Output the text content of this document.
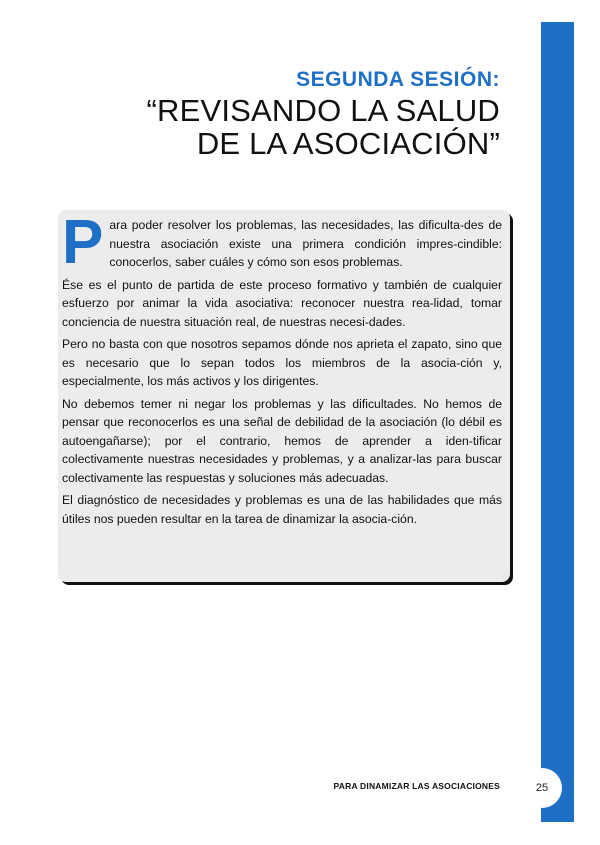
SEGUNDA SESIÓN:
“REVISANDO LA SALUD
DE LA ASOCIACIÓN”

P ara poder resolver los problemas, las necesidades, las dificulta-des de nuestra asociación existe una primera condición impres-cindible: conocerlos, saber cuáles y cómo son esos problemas.

Ése es el punto de partida de este proceso formativo y también de cualquier esfuerzo por animar la vida asociativa: reconocer nuestra rea-lidad, tomar conciencia de nuestra situación real, de nuestras necesi-dades.

Pero no basta con que nosotros sepamos dónde nos aprieta el zapato, sino que es necesario que lo sepan todos los miembros de la asocia-ción y, especialmente, los más activos y los dirigentes.

No debemos temer ni negar los problemas y las dificultades. No hemos de pensar que reconocerlos es una señal de debilidad de la asociación (lo débil es autoengañarse); por el contrario, hemos de aprender a iden-tificar colectivamente nuestras necesidades y problemas, y a analizar-las para buscar colectivamente las respuestas y soluciones más adecuadas.

El diagnóstico de necesidades y problemas es una de las habilidades que más útiles nos pueden resultar en la tarea de dinamizar la asocia-ción.

PARA DINAMIZAR LAS ASOCIACIONES	25
